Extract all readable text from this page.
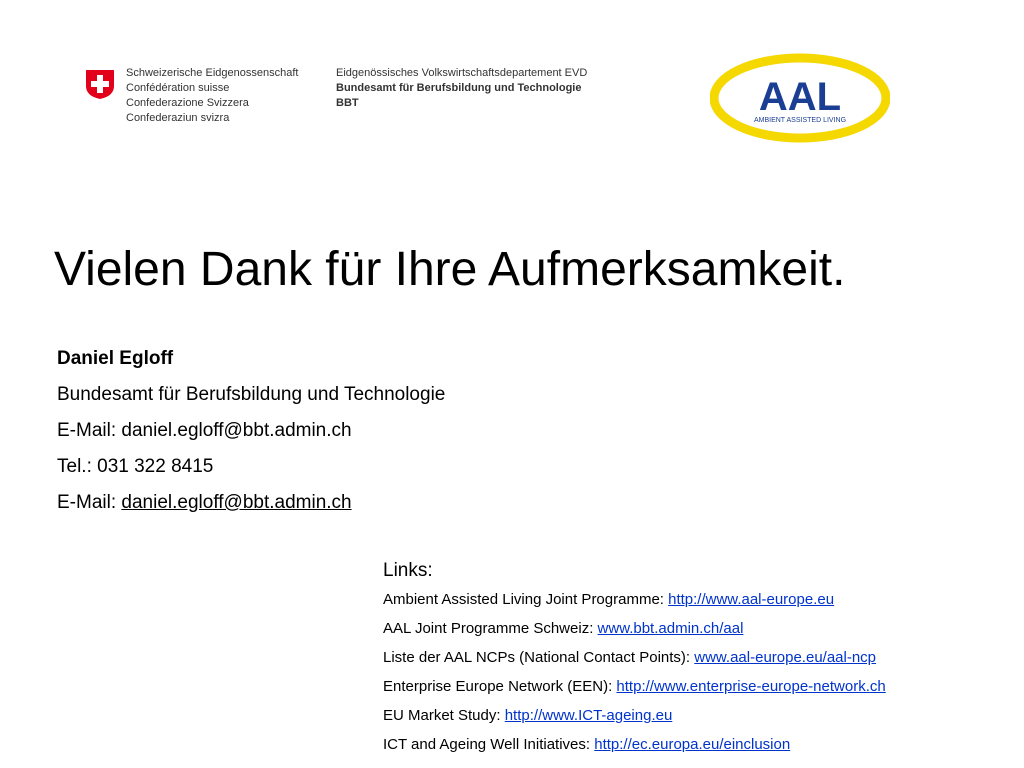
Schweizerische Eidgenossenschaft
Confédération suisse
Confederazione Svizzera
Confederaziun svizra
Eidgenössisches Volkswirtschaftsdepartement EVD
Bundesamt für Berufsbildung und Technologie BBT	AAL
AMBIENT ASSISTED LIVING
Vielen Dank für Ihre Aufmerksamkeit.
Daniel Egloff
Bundesamt für Berufsbildung und Technologie
E-Mail: daniel.egloff@bbt.admin.ch
Tel.: 031 322 8415
E-Mail: daniel.egloff@bbt.admin.ch
Links:
Ambient Assisted Living Joint Programme: http://www.aal-europe.eu
AAL Joint Programme Schweiz: www.bbt.admin.ch/aal
Liste der AAL NCPs (National Contact Points): www.aal-europe.eu/aal-ncp
Enterprise Europe Network (EEN): http://www.enterprise-europe-network.ch
EU Market Study: http://www.ICT-ageing.eu
ICT and Ageing Well Initiatives: http://ec.europa.eu/einclusion
